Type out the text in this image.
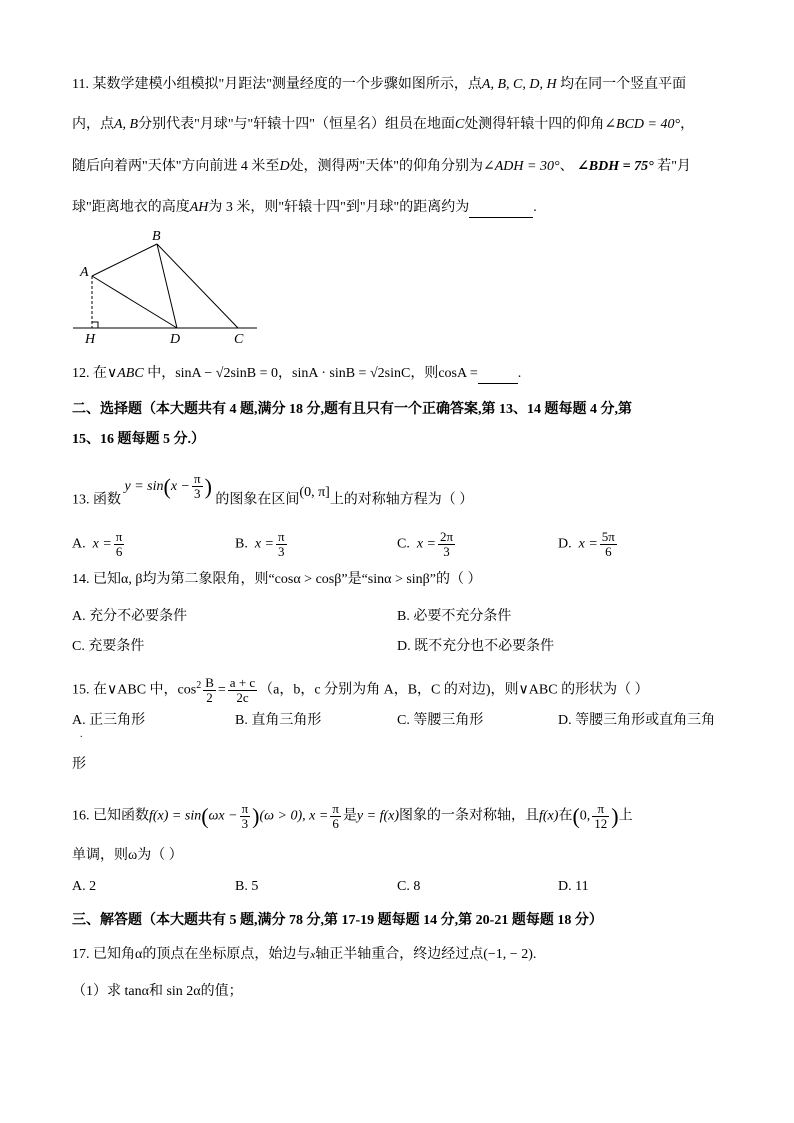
11. 某数学建模小组模拟"月距法"测量经度的一个步骤如图所示，点A, B, C, D, H 均在同一个竖直平面
内，点A, B分别代表"月球"与"轩辕十四"（恒星名）组员在地面C处测得轩辕十四的仰角∠BCD = 40°，
随后向着两"天体"方向前进 4 米至D处，测得两"天体"的仰角分别为∠ADH = 30°、 ∠BDH = 75° 若"月
球"距离地衣的高度AH为 3 米，则"轩辕十四"到"月球"的距离约为	.
A
B
H	D	C
12. 在∨ABC 中，sinA − √2sinB = 0，sinA · sinB = √2sinC，则cosA =	.
二、选择题（本大题共有 4 题,满分 18 分,题有且只有一个正确答案,第 13、14 题每题 4 分,第
15、16 题每题 5 分.）
13. 函数 $y = \sin(x - \frac{\pi}{3}$ ) 的图象在区间(0, π]上的对称轴方程为（ ）
A. $x = \frac{\pi}{6}$	B. $x = \frac{\pi}{3}$	C. $x = \frac{2\pi}{3}$	D. $x = \frac{5\pi}{6}$
14. 已知α, β均为第二象限角，则“cosα > cosβ”是“sinα > sinβ”的（ ）
A. 充分不必要条件	B. 必要不充分条件
C. 充要条件	D. 既不充分也不必要条件
15. 在∨ABC 中，$\cos^2 \frac{B}{2} = \frac{a + c}{2c} (a$，b，c 分别为角 A，B，C 的对边)，则∨ABC 的形状为（ ）
A. 正三角形	B. 直角三角形	C. 等腰三角形	D. 等腰三角形或直角三角
.
形
16. 已知函数$f(x) = \sin(\omega x - \frac{\pi}{3} )(\omega > 0)$, $x = \frac{\pi}{6}$ 是y = f(x)图象的一条对称轴，且f(x)在(0, $\frac{\pi}{12}$ )上
单调，则ω为（ ）
A. 2	B. 5	C. 8	D. 11
三、解答题（本大题共有 5 题,满分 78 分,第 17-19 题每题 14 分,第 20-21 题每题 18 分）
17. 已知角α的顶点在坐标原点，始边与x轴正半轴重合，终边经过点(−1, − 2).
（1）求 tanα和 sin 2α的值；
